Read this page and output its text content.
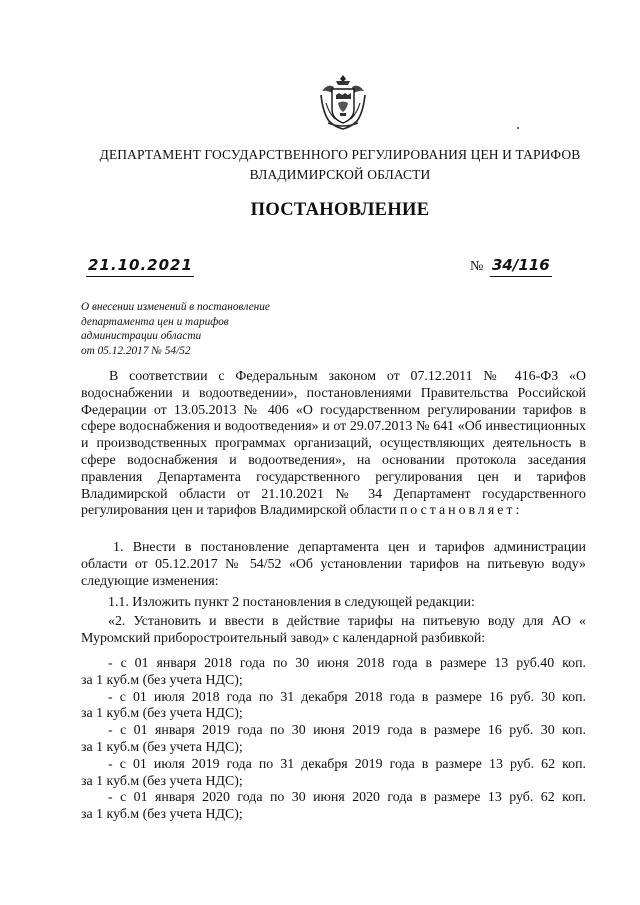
ДЕПАРТАМЕНТ ГОСУДАРСТВЕННОГО РЕГУЛИРОВАНИЯ ЦЕН И ТАРИФОВ
ВЛАДИМИРСКОЙ ОБЛАСТИ
ПОСТАНОВЛЕНИЕ
21.10.2021	№ 34/116
О внесении изменений в постановление
департамента цен и тарифов
администрации области
от 05.12.2017 № 54/52
В соответствии с Федеральным законом от 07.12.2011 № 416-ФЗ «О водоснабжении и водоотведении», постановлениями Правительства Российской Федерации от 13.05.2013 № 406 «О государственном регулировании тарифов в сфере водоснабжения и водоотведения» и от 29.07.2013 № 641 «Об инвестиционных и производственных программах организаций, осуществляющих деятельность в сфере водоснабжения и водоотведения», на основании протокола заседания правления Департамента государственного регулирования цен и тарифов Владимирской области от 21.10.2021 № 34 Департамент государственного регулирования цен и тарифов Владимирской области постановляет:
1. Внести в постановление департамента цен и тарифов администрации области от 05.12.2017 № 54/52 «Об установлении тарифов на питьевую воду» следующие изменения:
1.1. Изложить пункт 2 постановления в следующей редакции:
«2. Установить и ввести в действие тарифы на питьевую воду для АО « Муромский приборостроительный завод» с календарной разбивкой:
- с 01 января 2018 года по 30 июня 2018 года в размере 13 руб.40 коп.
за 1 куб.м (без учета НДС);
- с 01 июля 2018 года по 31 декабря 2018 года в размере 16 руб. 30 коп.
за 1 куб.м (без учета НДС);
- с 01 января 2019 года по 30 июня 2019 года в размере 16 руб. 30 коп.
за 1 куб.м (без учета НДС);
- с 01 июля 2019 года по 31 декабря 2019 года в размере 13 руб. 62 коп.
за 1 куб.м (без учета НДС);
- с 01 января 2020 года по 30 июня 2020 года в размере 13 руб. 62 коп.
за 1 куб.м (без учета НДС);
